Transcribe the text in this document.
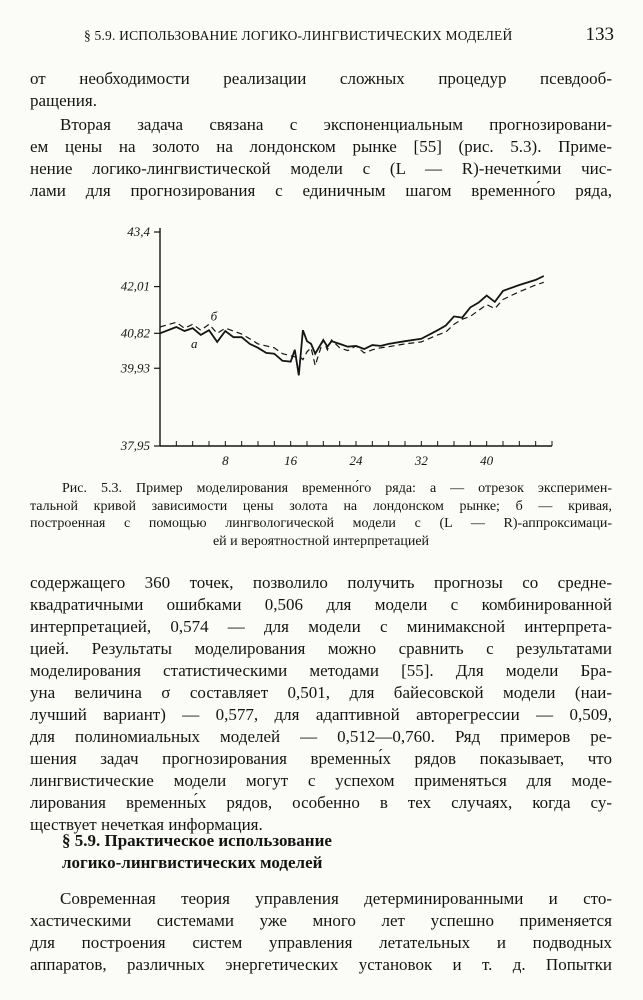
§ 5.9. ИСПОЛЬЗОВАНИЕ ЛОГИКО-ЛИНГВИСТИЧЕСКИХ МОДЕЛЕЙ	133
от необходимости реализации сложных процедур псевдооб-
ращения.
Вторая задача связана с экспоненциальным прогнозировани-
ем цены на золото на лондонском рынке [55] (рис. 5.3). Приме-
нение логико-лингвистической модели с (L — R)-нечеткими чис-
лами для прогнозирования с единичным шагом временно́го ряда,
43,4
42,01
40,82
39,93
37,95
8	16	24	32	40
а
б
Рис. 5.3. Пример моделирования временно́го ряда: а — отрезок эксперимен-
тальной кривой зависимости цены золота на лондонском рынке; б — кривая,
построенная с помощью лингвологической модели с (L — R)-аппроксимаци-
ей и вероятностной интерпретацией
содержащего 360 точек, позволило получить прогнозы со средне-
квадратичными ошибками 0,506 для модели с комбинированной
интерпретацией, 0,574 — для модели с минимаксной интерпрета-
цией. Результаты моделирования можно сравнить с результатами
моделирования статистическими методами [55]. Для модели Бра-
уна величина σ составляет 0,501, для байесовской модели (наи-
лучший вариант) — 0,577, для адаптивной авторегрессии — 0,509,
для полиномиальных моделей — 0,512—0,760. Ряд примеров ре-
шения задач прогнозирования временны́х рядов показывает, что
лингвистические модели могут с успехом применяться для моде-
лирования временны́х рядов, особенно в тех случаях, когда су-
ществует нечеткая информация.
§ 5.9. Практическое использование
логико-лингвистических моделей
Современная теория управления детерминированными и сто-
хастическими системами уже много лет успешно применяется
для построения систем управления летательных и подводных
аппаратов, различных энергетических установок и т. д. Попытки
